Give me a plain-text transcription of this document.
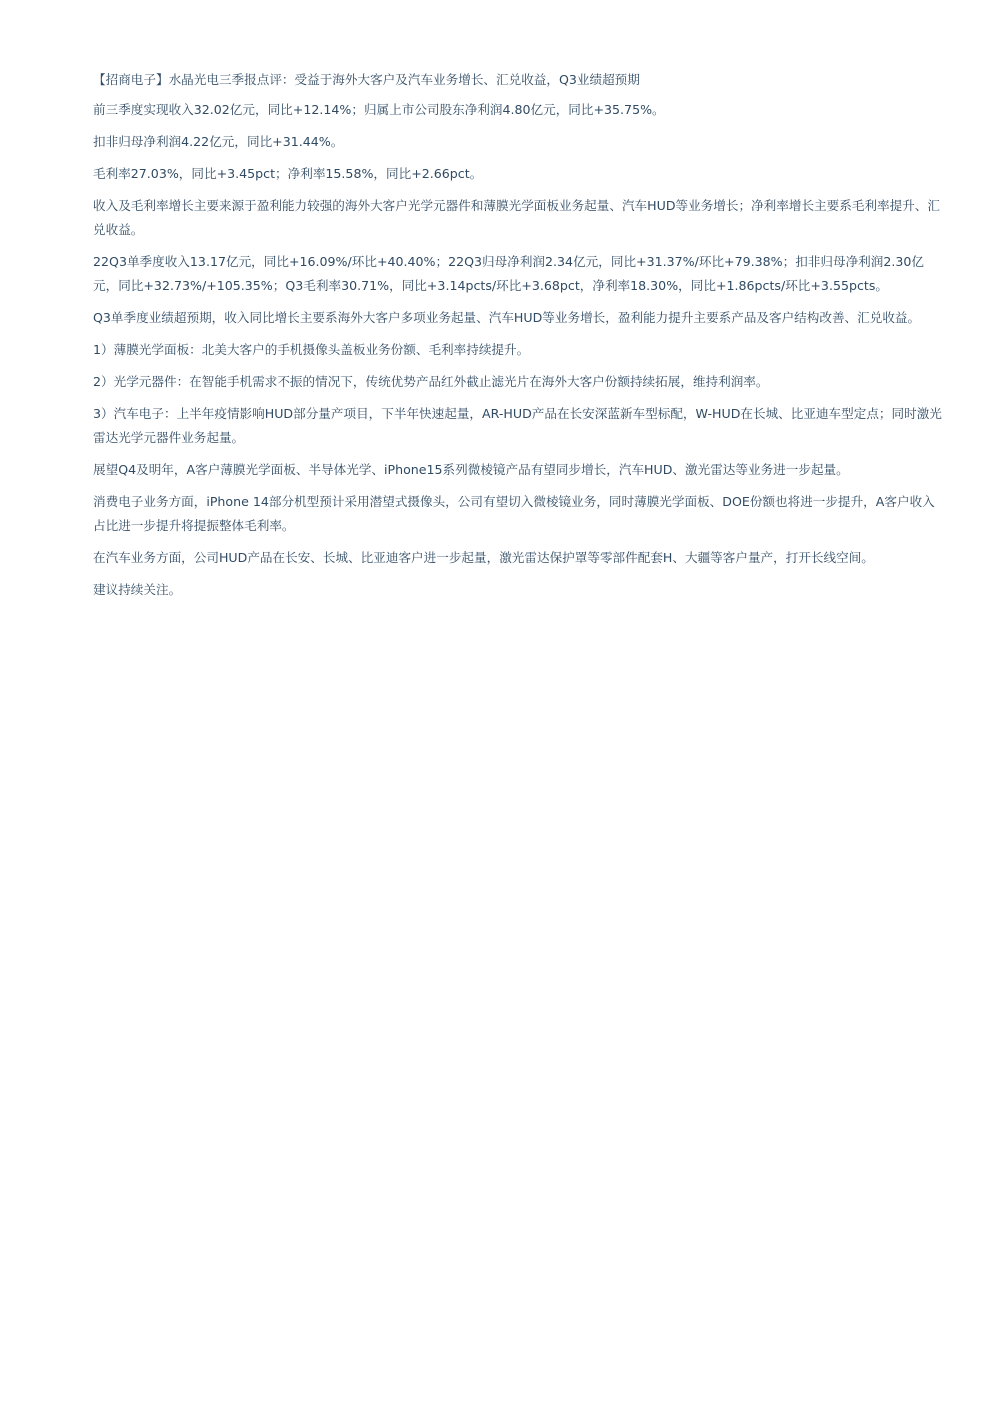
【招商电子】水晶光电三季报点评：受益于海外大客户及汽车业务增长、汇兑收益，Q3业绩超预期

前三季度实现收入32.02亿元，同比+12.14%；归属上市公司股东净利润4.80亿元，同比+35.75%。

扣非归母净利润4.22亿元，同比+31.44%。

毛利率27.03%，同比+3.45pct；净利率15.58%，同比+2.66pct。

收入及毛利率增长主要来源于盈利能力较强的海外大客户光学元器件和薄膜光学面板业务起量、汽车HUD等业务增长；净利率增长主要系毛利率提升、汇兑收益。

22Q3单季度收入13.17亿元，同比+16.09%/环比+40.40%；22Q3归母净利润2.34亿元，同比+31.37%/环比+79.38%；扣非归母净利润2.30亿元，同比+32.73%/+105.35%；Q3毛利率30.71%，同比+3.14pcts/环比+3.68pct，净利率18.30%，同比+1.86pcts/环比+3.55pcts。

Q3单季度业绩超预期，收入同比增长主要系海外大客户多项业务起量、汽车HUD等业务增长，盈利能力提升主要系产品及客户结构改善、汇兑收益。

1）薄膜光学面板：北美大客户的手机摄像头盖板业务份额、毛利率持续提升。

2）光学元器件：在智能手机需求不振的情况下，传统优势产品红外截止滤光片在海外大客户份额持续拓展，维持利润率。

3）汽车电子：上半年疫情影响HUD部分量产项目，下半年快速起量，AR-HUD产品在长安深蓝新车型标配，W-HUD在长城、比亚迪车型定点；同时激光雷达光学元器件业务起量。

展望Q4及明年，A客户薄膜光学面板、半导体光学、iPhone15系列微棱镜产品有望同步增长，汽车HUD、激光雷达等业务进一步起量。

消费电子业务方面，iPhone 14部分机型预计采用潜望式摄像头，公司有望切入微棱镜业务，同时薄膜光学面板、DOE份额也将进一步提升，A客户收入占比进一步提升将提振整体毛利率。

在汽车业务方面，公司HUD产品在长安、长城、比亚迪客户进一步起量，激光雷达保护罩等零部件配套H、大疆等客户量产，打开长线空间。

建议持续关注。
